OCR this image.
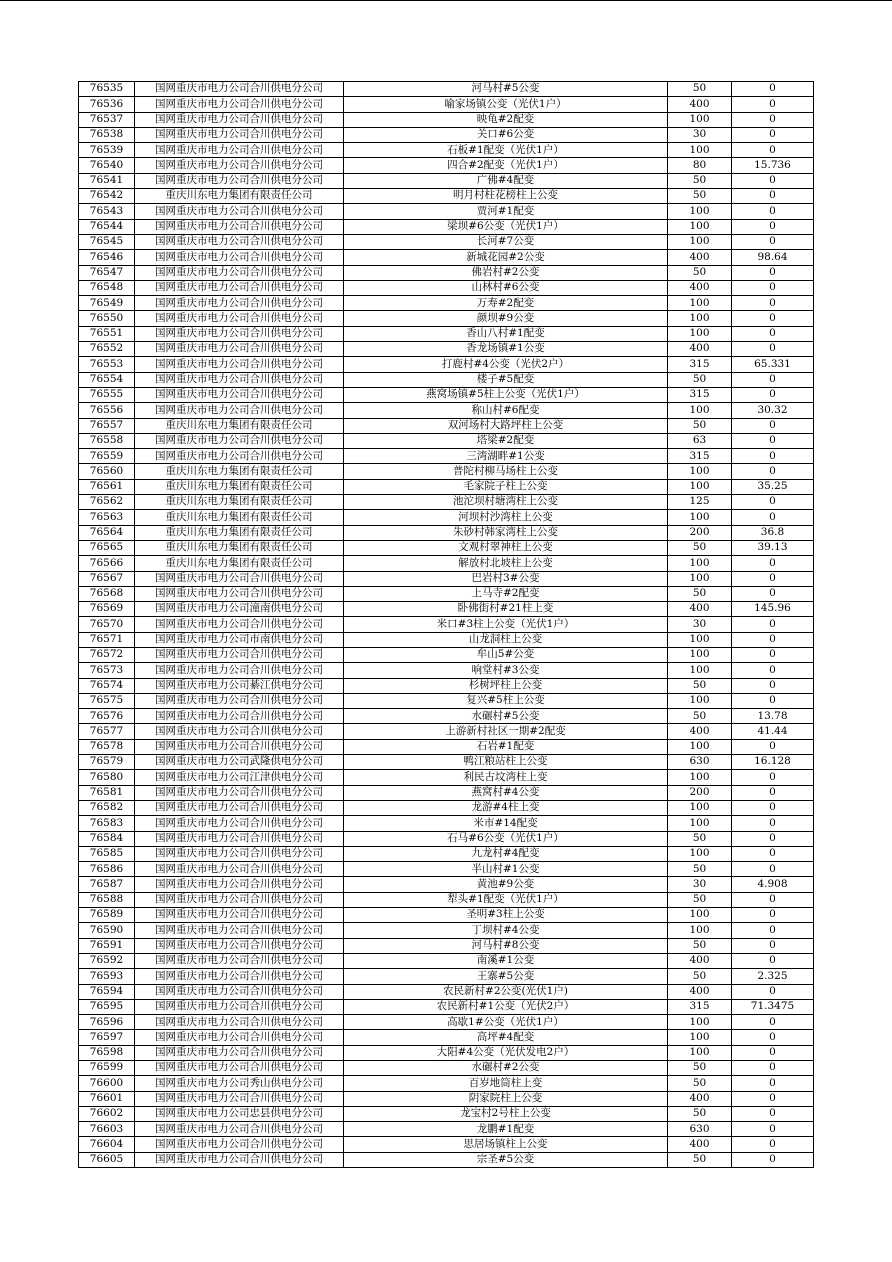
76535	国网重庆市电力公司合川供电分公司	河马村#5公变	50	0
76536	国网重庆市电力公司合川供电分公司	喻家场镇公变（光伏1户）	400	0
76537	国网重庆市电力公司合川供电分公司	映龟#2配变	100	0
76538	国网重庆市电力公司合川供电分公司	关口#6公变	30	0
76539	国网重庆市电力公司合川供电分公司	石板#1配变（光伏1户）	100	0
76540	国网重庆市电力公司合川供电分公司	四合#2配变（光伏1户）	80	15.736
76541	国网重庆市电力公司合川供电分公司	广佛#4配变	50	0
76542	重庆川东电力集团有限责任公司	明月村柱花榜柱上公变	50	0
76543	国网重庆市电力公司合川供电分公司	贾河#1配变	100	0
76544	国网重庆市电力公司合川供电分公司	梁坝#6公变（光伏1户）	100	0
76545	国网重庆市电力公司合川供电分公司	长河#7公变	100	0
76546	国网重庆市电力公司合川供电分公司	新城花园#2公变	400	98.64
76547	国网重庆市电力公司合川供电分公司	佛岩村#2公变	50	0
76548	国网重庆市电力公司合川供电分公司	山林村#6公变	400	0
76549	国网重庆市电力公司合川供电分公司	万寿#2配变	100	0
76550	国网重庆市电力公司合川供电分公司	颜坝#9公变	100	0
76551	国网重庆市电力公司合川供电分公司	香山八村#1配变	100	0
76552	国网重庆市电力公司合川供电分公司	香龙场镇#1公变	400	0
76553	国网重庆市电力公司合川供电分公司	打鹿村#4公变（光伏2户）	315	65.331
76554	国网重庆市电力公司合川供电分公司	楼子#5配变	50	0
76555	国网重庆市电力公司合川供电分公司	燕窝场镇#5柱上公变（光伏1户）	315	0
76556	国网重庆市电力公司合川供电分公司	称山村#6配变	100	30.32
76557	重庆川东电力集团有限责任公司	双河场村大路坪柱上公变	50	0
76558	国网重庆市电力公司合川供电分公司	塔梁#2配变	63	0
76559	国网重庆市电力公司合川供电分公司	三湾湖畔#1公变	315	0
76560	重庆川东电力集团有限责任公司	普陀村柳马场柱上公变	100	0
76561	重庆川东电力集团有限责任公司	毛家院子柱上公变	100	35.25
76562	重庆川东电力集团有限责任公司	池沱坝村塘湾柱上公变	125	0
76563	重庆川东电力集团有限责任公司	河坝村沙湾柱上公变	100	0
76564	重庆川东电力集团有限责任公司	朱砂村韩家湾柱上公变	200	36.8
76565	重庆川东电力集团有限责任公司	文观村翠神柱上公变	50	39.13
76566	重庆川东电力集团有限责任公司	解放村北坡柱上公变	100	0
76567	国网重庆市电力公司合川供电分公司	巴岩村3#公变	100	0
76568	国网重庆市电力公司合川供电分公司	上马寺#2配变	50	0
76569	国网重庆市电力公司潼南供电分公司	卧佛街村#21柱上变	400	145.96
76570	国网重庆市电力公司合川供电分公司	米口#3柱上公变（光伏1户）	30	0
76571	国网重庆市电力公司市南供电分公司	山龙洞柱上公变	100	0
76572	国网重庆市电力公司合川供电分公司	牟山5#公变	100	0
76573	国网重庆市电力公司合川供电分公司	响堂村#3公变	100	0
76574	国网重庆市电力公司綦江供电分公司	杉树坪柱上公变	50	0
76575	国网重庆市电力公司合川供电分公司	复兴#5柱上公变	100	0
76576	国网重庆市电力公司合川供电分公司	水碾村#5公变	50	13.78
76577	国网重庆市电力公司合川供电分公司	上游新村社区一期#2配变	400	41.44
76578	国网重庆市电力公司合川供电分公司	石岩#1配变	100	0
76579	国网重庆市电力公司武隆供电分公司	鸭江粮站柱上公变	630	16.128
76580	国网重庆市电力公司江津供电分公司	利民古坟湾柱上变	100	0
76581	国网重庆市电力公司合川供电分公司	燕窝村#4公变	200	0
76582	国网重庆市电力公司合川供电分公司	龙游#4柱上变	100	0
76583	国网重庆市电力公司合川供电分公司	米市#14配变	100	0
76584	国网重庆市电力公司合川供电分公司	石马#6公变（光伏1户）	50	0
76585	国网重庆市电力公司合川供电分公司	九龙村#4配变	100	0
76586	国网重庆市电力公司合川供电分公司	半山村#1公变	50	0
76587	国网重庆市电力公司合川供电分公司	黄池#9公变	30	4.908
76588	国网重庆市电力公司合川供电分公司	犁头#1配变（光伏1户）	50	0
76589	国网重庆市电力公司合川供电分公司	圣明#3柱上公变	100	0
76590	国网重庆市电力公司合川供电分公司	丁坝村#4公变	100	0
76591	国网重庆市电力公司合川供电分公司	河马村#8公变	50	0
76592	国网重庆市电力公司合川供电分公司	南溪#1公变	400	0
76593	国网重庆市电力公司合川供电分公司	王寨#5公变	50	2.325
76594	国网重庆市电力公司合川供电分公司	农民新村#2公变(光伏1户)	400	0
76595	国网重庆市电力公司合川供电分公司	农民新村#1公变（光伏2户）	315	71.3475
76596	国网重庆市电力公司合川供电分公司	高歇1#公变（光伏1户）	100	0
76597	国网重庆市电力公司合川供电分公司	高坪#4配变	100	0
76598	国网重庆市电力公司合川供电分公司	大阳#4公变（光伏发电2户）	100	0
76599	国网重庆市电力公司合川供电分公司	水碾村#2公变	50	0
76600	国网重庆市电力公司秀山供电分公司	百岁地筒柱上变	50	0
76601	国网重庆市电力公司合川供电分公司	阴家院柱上公变	400	0
76602	国网重庆市电力公司忠县供电分公司	龙宝村2号柱上公变	50	0
76603	国网重庆市电力公司合川供电分公司	龙鹏#1配变	630	0
76604	国网重庆市电力公司合川供电分公司	思居场镇柱上公变	400	0
76605	国网重庆市电力公司合川供电分公司	宗圣#5公变	50	0
